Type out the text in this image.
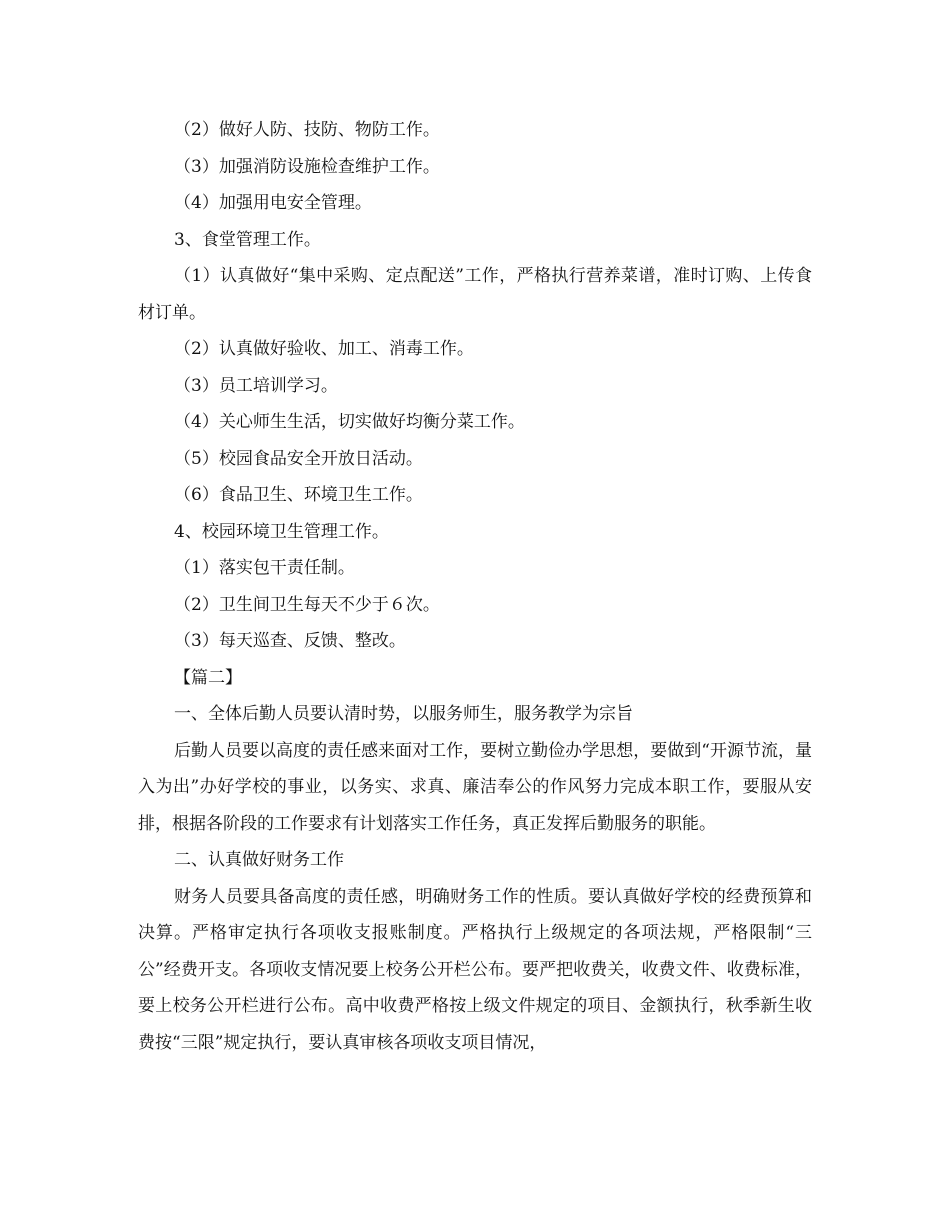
（2）做好人防、技防、物防工作。

（3）加强消防设施检查维护工作。

（4）加强用电安全管理。

3、食堂管理工作。

（1）认真做好“集中采购、定点配送”工作，严格执行营养菜谱，准时订购、上传食材订单。

（2）认真做好验收、加工、消毒工作。

（3）员工培训学习。

（4）关心师生生活，切实做好均衡分菜工作。

（5）校园食品安全开放日活动。

（6）食品卫生、环境卫生工作。

4、校园环境卫生管理工作。

（1）落实包干责任制。

（2）卫生间卫生每天不少于６次。

（3）每天巡查、反馈、整改。

【篇二】

一、全体后勤人员要认清时势，以服务师生，服务教学为宗旨

后勤人员要以高度的责任感来面对工作，要树立勤俭办学思想，要做到“开源节流，量入为出”办好学校的事业，以务实、求真、廉洁奉公的作风努力完成本职工作，要服从安排，根据各阶段的工作要求有计划落实工作任务，真正发挥后勤服务的职能。

二、认真做好财务工作

财务人员要具备高度的责任感，明确财务工作的性质。要认真做好学校的经费预算和决算。严格审定执行各项收支报账制度。严格执行上级规定的各项法规，严格限制“三公”经费开支。各项收支情况要上校务公开栏公布。要严把收费关，收费文件、收费标准，要上校务公开栏进行公布。高中收费严格按上级文件规定的项目、金额执行，秋季新生收费按“三限”规定执行，要认真审核各项收支项目情况，
